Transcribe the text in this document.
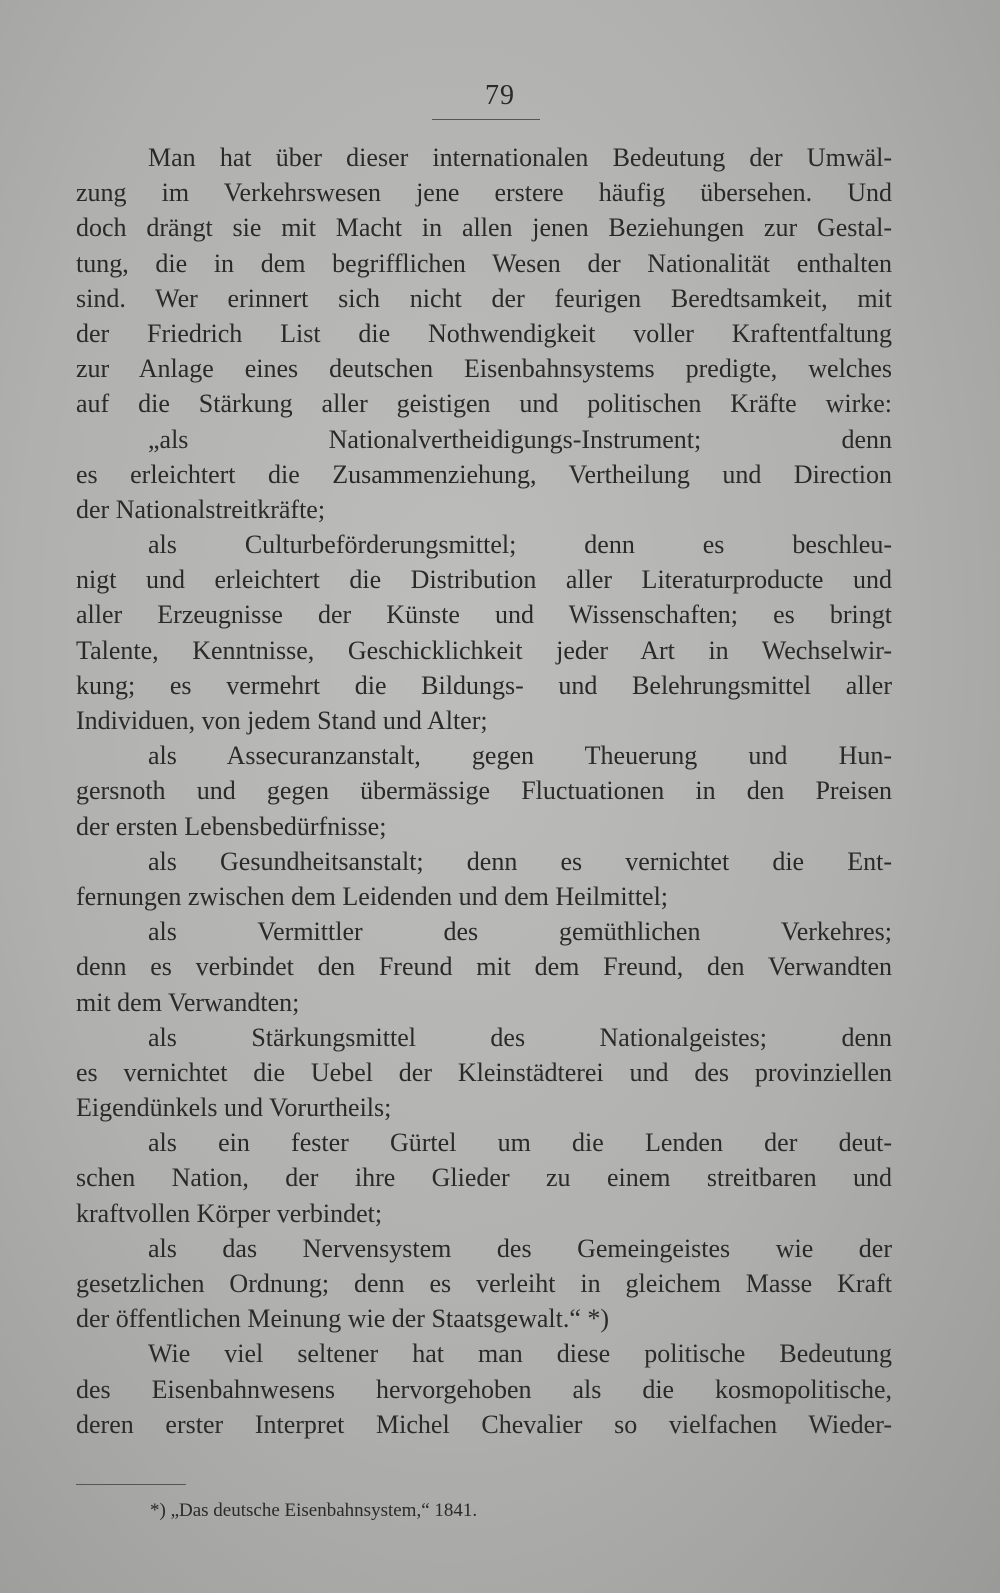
79
Man hat über dieser internationalen Bedeutung der Umwäl-
zung im Verkehrswesen jene erstere häufig übersehen. Und
doch drängt sie mit Macht in allen jenen Beziehungen zur Gestal-
tung, die in dem begrifflichen Wesen der Nationalität enthalten
sind. Wer erinnert sich nicht der feurigen Beredtsamkeit, mit
der Friedrich List die Nothwendigkeit voller Kraftentfaltung
zur Anlage eines deutschen Eisenbahnsystems predigte, welches
auf die Stärkung aller geistigen und politischen Kräfte wirke:
„als Nationalvertheidigungs-Instrument; denn
es erleichtert die Zusammenziehung, Vertheilung und Direction
der Nationalstreitkräfte;
als Culturbeförderungsmittel; denn es beschleu-
nigt und erleichtert die Distribution aller Literaturproducte und
aller Erzeugnisse der Künste und Wissenschaften; es bringt
Talente, Kenntnisse, Geschicklichkeit jeder Art in Wechselwir-
kung; es vermehrt die Bildungs- und Belehrungsmittel aller
Individuen, von jedem Stand und Alter;
als Assecuranzanstalt, gegen Theuerung und Hun-
gersnoth und gegen übermässige Fluctuationen in den Preisen
der ersten Lebensbedürfnisse;
als Gesundheitsanstalt; denn es vernichtet die Ent-
fernungen zwischen dem Leidenden und dem Heilmittel;
als Vermittler des gemüthlichen Verkehres;
denn es verbindet den Freund mit dem Freund, den Verwandten
mit dem Verwandten;
als Stärkungsmittel des Nationalgeistes; denn
es vernichtet die Uebel der Kleinstädterei und des provinziellen
Eigendünkels und Vorurtheils;
als ein fester Gürtel um die Lenden der deut-
schen Nation, der ihre Glieder zu einem streitbaren und
kraftvollen Körper verbindet;
als das Nervensystem des Gemeingeistes wie der
gesetzlichen Ordnung; denn es verleiht in gleichem Masse Kraft
der öffentlichen Meinung wie der Staatsgewalt.“ *)
Wie viel seltener hat man diese politische Bedeutung
des Eisenbahnwesens hervorgehoben als die kosmopolitische,
deren erster Interpret Michel Chevalier so vielfachen Wieder-
*) „Das deutsche Eisenbahnsystem,“ 1841.
